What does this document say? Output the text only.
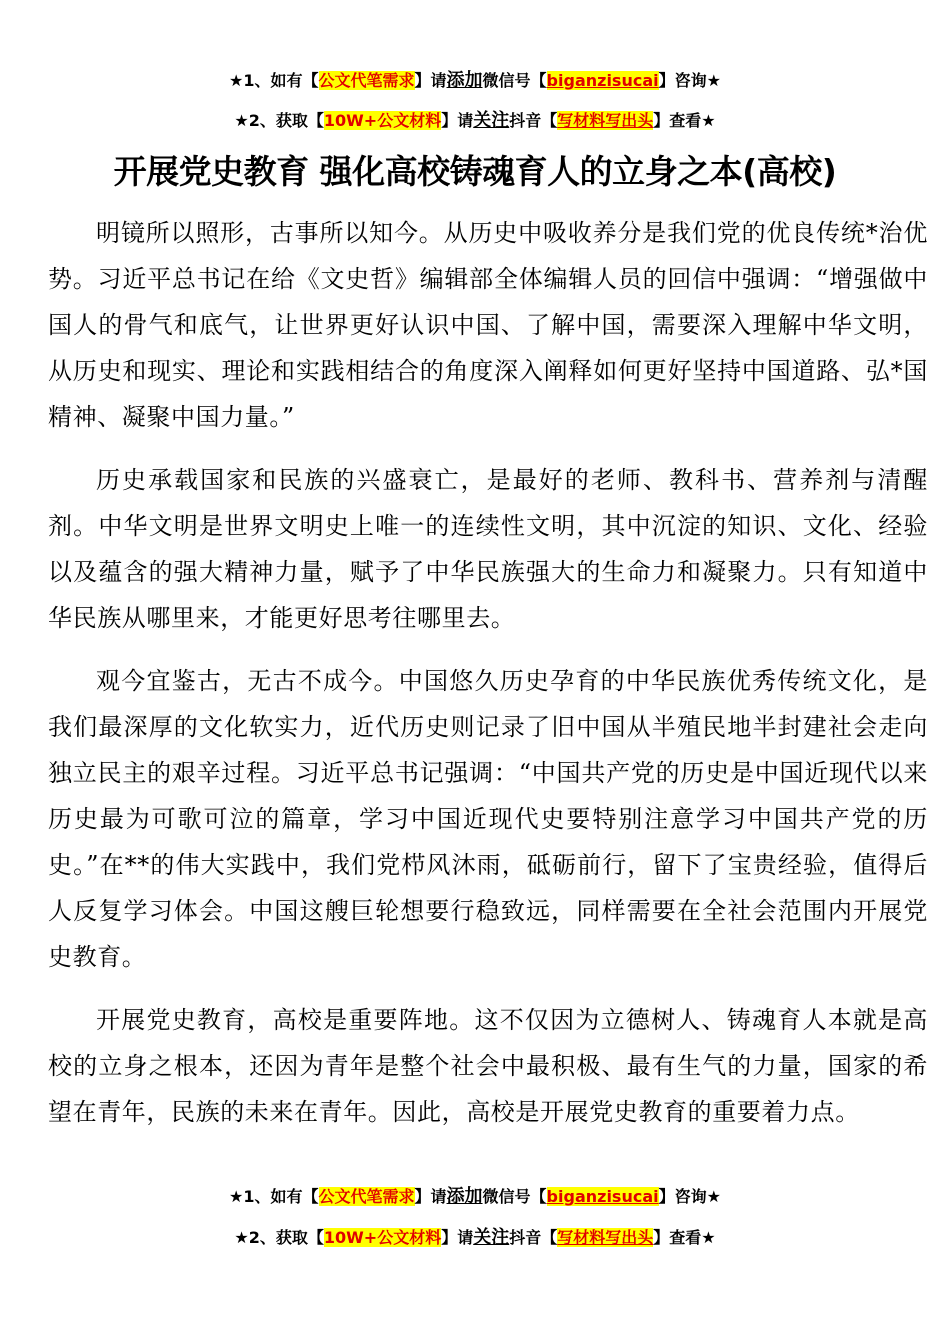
★1、如有【公文代笔需求】请添加微信号【biganzisucai】咨询★
★2、获取【10W+公文材料】请关注抖音【写材料写出头】查看★
开展党史教育 强化高校铸魂育人的立身之本(高校)

明镜所以照形，古事所以知今。从历史中吸收养分是我们党的优良传统*治优势。习近平总书记在给《文史哲》编辑部全体编辑人员的回信中强调：“增强做中国人的骨气和底气，让世界更好认识中国、了解中国，需要深入理解中华文明，从历史和现实、理论和实践相结合的角度深入阐释如何更好坚持中国道路、弘*国精神、凝聚中国力量。”

历史承载国家和民族的兴盛衰亡，是最好的老师、教科书、营养剂与清醒剂。中华文明是世界文明史上唯一的连续性文明，其中沉淀的知识、文化、经验以及蕴含的强大精神力量，赋予了中华民族强大的生命力和凝聚力。只有知道中华民族从哪里来，才能更好思考往哪里去。

观今宜鉴古，无古不成今。中国悠久历史孕育的中华民族优秀传统文化，是我们最深厚的文化软实力，近代历史则记录了旧中国从半殖民地半封建社会走向独立民主的艰辛过程。习近平总书记强调：“中国共产党的历史是中国近现代以来历史最为可歌可泣的篇章，学习中国近现代史要特别注意学习中国共产党的历史。”在**的伟大实践中，我们党栉风沐雨，砥砺前行，留下了宝贵经验，值得后人反复学习体会。中国这艘巨轮想要行稳致远，同样需要在全社会范围内开展党史教育。

开展党史教育，高校是重要阵地。这不仅因为立德树人、铸魂育人本就是高校的立身之根本，还因为青年是整个社会中最积极、最有生气的力量，国家的希望在青年，民族的未来在青年。因此，高校是开展党史教育的重要着力点。

★1、如有【公文代笔需求】请添加微信号【biganzisucai】咨询★
★2、获取【10W+公文材料】请关注抖音【写材料写出头】查看★
